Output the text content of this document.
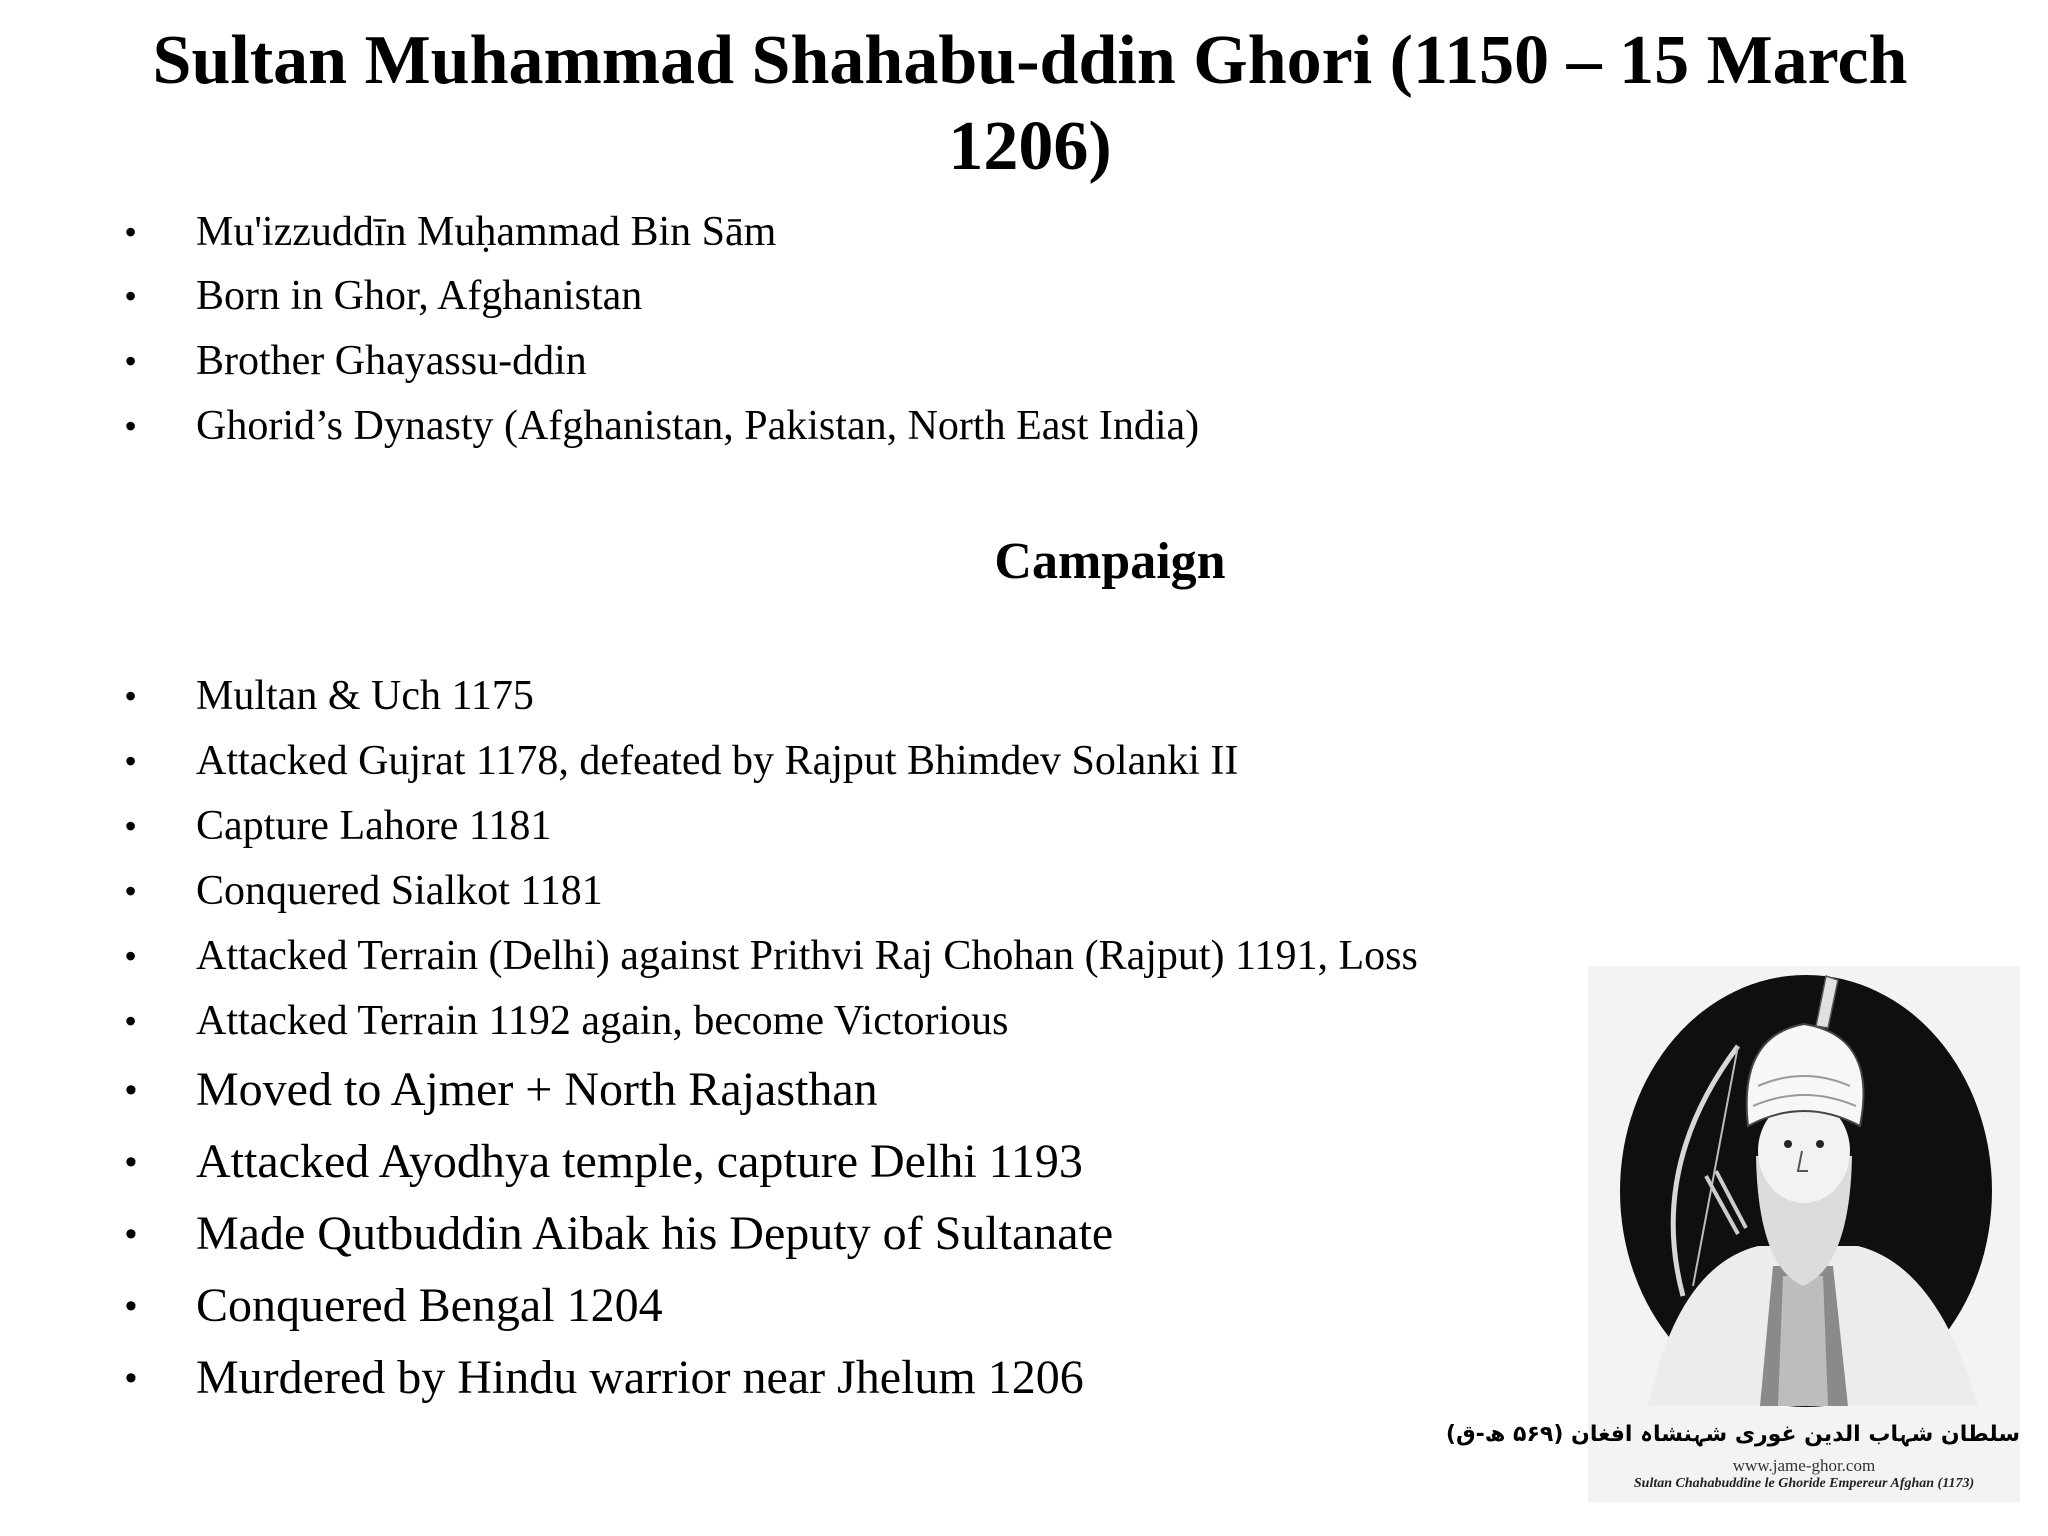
Sultan Muhammad Shahabu-ddin Ghori (1150 – 15 March 1206)
• Mu'izzuddīn Muḥammad Bin Sām
• Born in Ghor, Afghanistan
• Brother Ghayassu-ddin
• Ghorid’s Dynasty (Afghanistan, Pakistan, North East India)
Campaign
• Multan & Uch 1175
• Attacked Gujrat 1178, defeated by Rajput Bhimdev Solanki II
• Capture Lahore 1181
• Conquered Sialkot 1181
• Attacked Terrain (Delhi) against Prithvi Raj Chohan (Rajput) 1191, Loss
• Attacked Terrain 1192 again, become Victorious
• Moved to Ajmer + North Rajasthan
• Attacked Ayodhya temple, capture Delhi 1193
• Made Qutbuddin Aibak his Deputy of Sultanate
• Conquered Bengal 1204
• Murdered by Hindu warrior near Jhelum 1206
سلطان شہاب الدین غوری شہنشاہ افغان (۵۶۹ ھ-ق)
www.jame-ghor.com
Sultan Chahabuddine le Ghoride Empereur Afghan (1173)
